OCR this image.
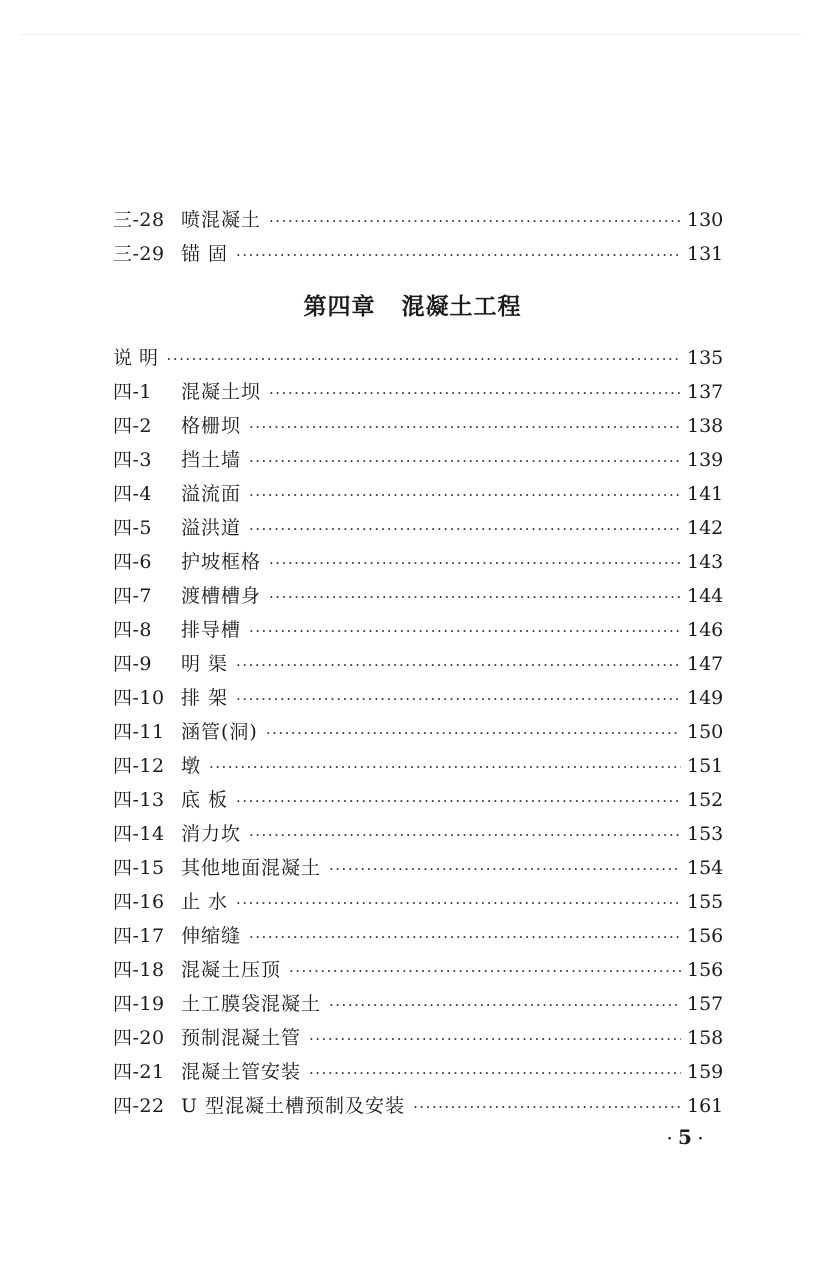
三-28 喷混凝土 ·····	130
三-29 锚 固 ·····	131
第四章 混凝土工程
说 明 ·····	135
四-1	混凝土坝 ·····	137
四-2	格栅坝 ·····	138
四-3	挡土墙 ·····	139
四-4	溢流面 ·····	141
四-5	溢洪道 ·····	142
四-6	护坡框格 ·····	143
四-7	渡槽槽身 ·····	144
四-8	排导槽 ·····	146
四-9	明 渠 ·····	147
四-10 排 架 ·····	149
四-11 涵管(洞) ·····	150
四-12 墩 ·····	151
四-13 底 板 ·····	152
四-14 消力坎 ·····	153
四-15 其他地面混凝土 ·····	154
四-16 止 水 ·····	155
四-17 伸缩缝 ·····	156
四-18 混凝土压顶 ·····	156
四-19 土工膜袋混凝土 ·····	157
四-20 预制混凝土管 ·····	158
四-21 混凝土管安装 ·····	159
四-22 U 型混凝土槽预制及安装 ·····	161
· 5 ·
